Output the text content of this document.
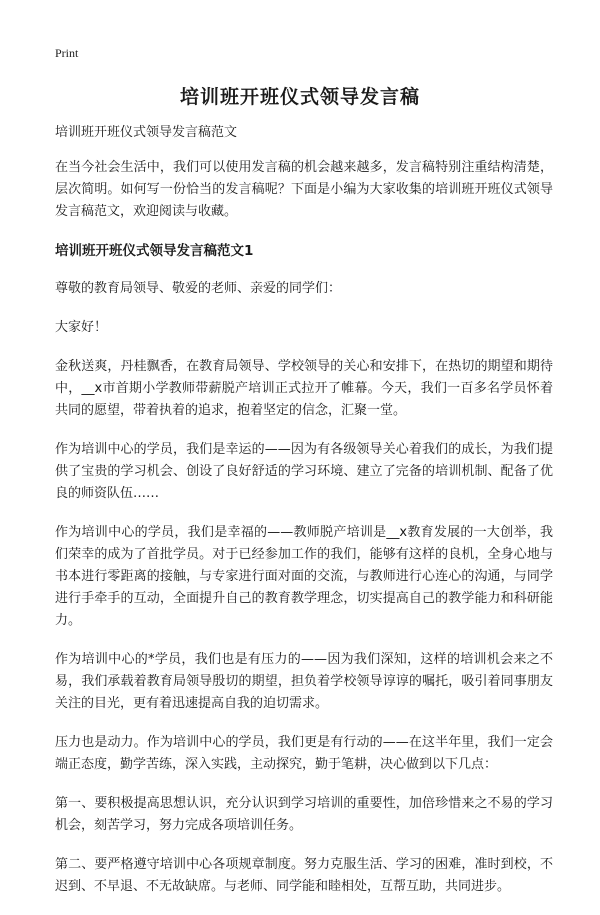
Print
培训班开班仪式领导发言稿

培训班开班仪式领导发言稿范文

在当今社会生活中，我们可以使用发言稿的机会越来越多，发言稿特别注重结构清楚，层次简明。如何写一份恰当的发言稿呢？下面是小编为大家收集的培训班开班仪式领导发言稿范文，欢迎阅读与收藏。

培训班开班仪式领导发言稿范文1

尊敬的教育局领导、敬爱的老师、亲爱的同学们：

大家好！

金秋送爽，丹桂飘香，在教育局领导、学校领导的关心和安排下，在热切的期望和期待中，__x市首期小学教师带薪脱产培训正式拉开了帷幕。今天，我们一百多名学员怀着共同的愿望，带着执着的追求，抱着坚定的信念，汇聚一堂。

作为培训中心的学员，我们是幸运的——因为有各级领导关心着我们的成长，为我们提供了宝贵的学习机会、创设了良好舒适的学习环境、建立了完备的培训机制、配备了优良的师资队伍……

作为培训中心的学员，我们是幸福的——教师脱产培训是__x教育发展的一大创举，我们荣幸的成为了首批学员。对于已经参加工作的我们，能够有这样的良机，全身心地与书本进行零距离的接触，与专家进行面对面的交流，与教师进行心连心的沟通，与同学进行手牵手的互动，全面提升自己的教育教学理念，切实提高自己的教学能力和科研能力。

作为培训中心的*学员，我们也是有压力的——因为我们深知，这样的培训机会来之不易，我们承载着教育局领导殷切的期望，担负着学校领导谆谆的嘱托，吸引着同事朋友关注的目光，更有着迅速提高自我的迫切需求。

压力也是动力。作为培训中心的学员，我们更是有行动的——在这半年里，我们一定会端正态度，勤学苦练，深入实践，主动探究，勤于笔耕，决心做到以下几点：

第一、要积极提高思想认识，充分认识到学习培训的重要性，加倍珍惜来之不易的学习机会，刻苦学习，努力完成各项培训任务。

第二、要严格遵守培训中心各项规章制度。努力克服生活、学习的困难，准时到校，不迟到、不早退、不无故缺席。与老师、同学能和睦相处，互帮互助，共同进步。
